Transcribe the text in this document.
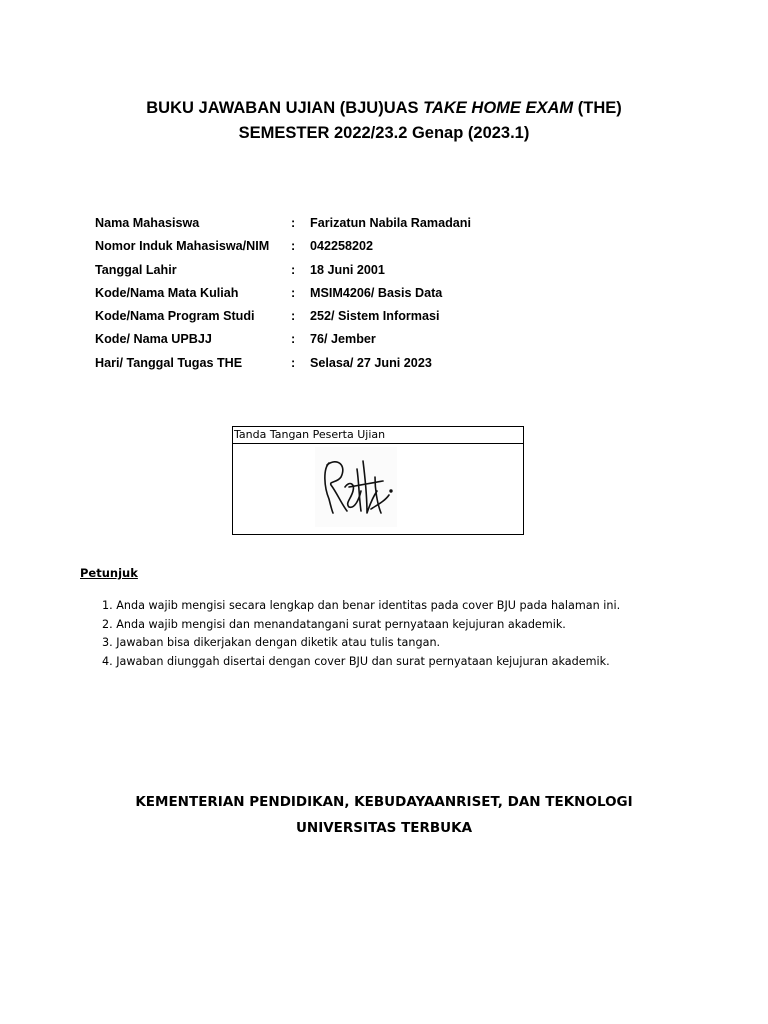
BUKU JAWABAN UJIAN (BJU)UAS TAKE HOME EXAM (THE)
SEMESTER 2022/23.2 Genap (2023.1)
Nama Mahasiswa	: Farizatun Nabila Ramadani
Nomor Induk Mahasiswa/NIM : 042258202
Tanggal Lahir	: 18 Juni 2001
Kode/Nama Mata Kuliah	: MSIM4206/ Basis Data
Kode/Nama Program Studi	: 252/ Sistem Informasi
Kode/ Nama UPBJJ	: 76/ Jember
Hari/ Tanggal Tugas THE	: Selasa/ 27 Juni 2023
Tanda Tangan Peserta Ujian
Petunjuk
1. Anda wajib mengisi secara lengkap dan benar identitas pada cover BJU pada halaman ini.
2. Anda wajib mengisi dan menandatangani surat pernyataan kejujuran akademik.
3. Jawaban bisa dikerjakan dengan diketik atau tulis tangan.
4. Jawaban diunggah disertai dengan cover BJU dan surat pernyataan kejujuran akademik.
KEMENTERIAN PENDIDIKAN, KEBUDAYAANRISET, DAN TEKNOLOGI
UNIVERSITAS TERBUKA
